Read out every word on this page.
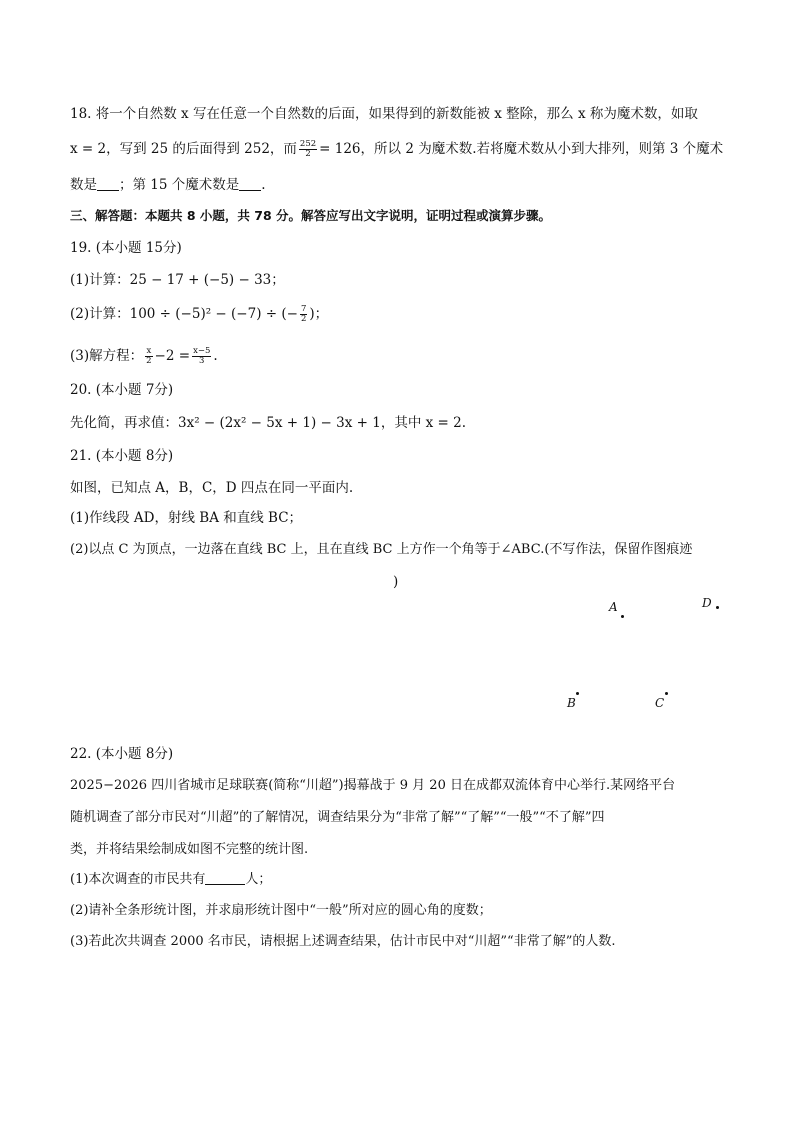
18. 将一个自然数 x 写在任意一个自然数的后面，如果得到的新数能被 x 整除，那么 x 称为魔术数，如取
x = 2，写到 25 的后面得到 252，而 $\frac{252}{2} = 126$，所以 2 为魔术数.若将魔术数从小到大排列，则第 3 个魔术
数是 ；第 15 个魔术数是 .
三、解答题：本题共 8 小题，共 78 分。解答应写出文字说明，证明过程或演算步骤。
19. (本小题 15分)
(1)计算：25 − 17 + (−5) − 33；
(2)计算：100 ÷ (−5)² − (−7) ÷ (− $\frac{7}{2}$ )；
(3)解方程： $\frac{x}{2} -2 = \frac{x-5}{3}$ .
20. (本小题 7分)
先化简，再求值：3x² − (2x² − 5x + 1) − 3x + 1，其中 x = 2.
21. (本小题 8分)
如图，已知点 A，B，C，D 四点在同一平面内.
(1)作线段 AD，射线 BA 和直线 BC；
(2)以点 C 为顶点，一边落在直线 BC 上，且在直线 BC 上方作一个角等于∠ABC.(不写作法，保留作图痕迹
)
A	D
B	C
22. (本小题 8分)
2025−2026 四川省城市足球联赛(简称“川超”)揭幕战于 9 月 20 日在成都双流体育中心举行.某网络平台
随机调查了部分市民对“川超”的了解情况，调查结果分为“非常了解”“了解”“一般”“不了解”四
类，并将结果绘制成如图不完整的统计图.
(1)本次调查的市民共有	人；
(2)请补全条形统计图，并求扇形统计图中“一般”所对应的圆心角的度数；
(3)若此次共调查 2000 名市民，请根据上述调查结果，估计市民中对“川超”“非常了解”的人数.
